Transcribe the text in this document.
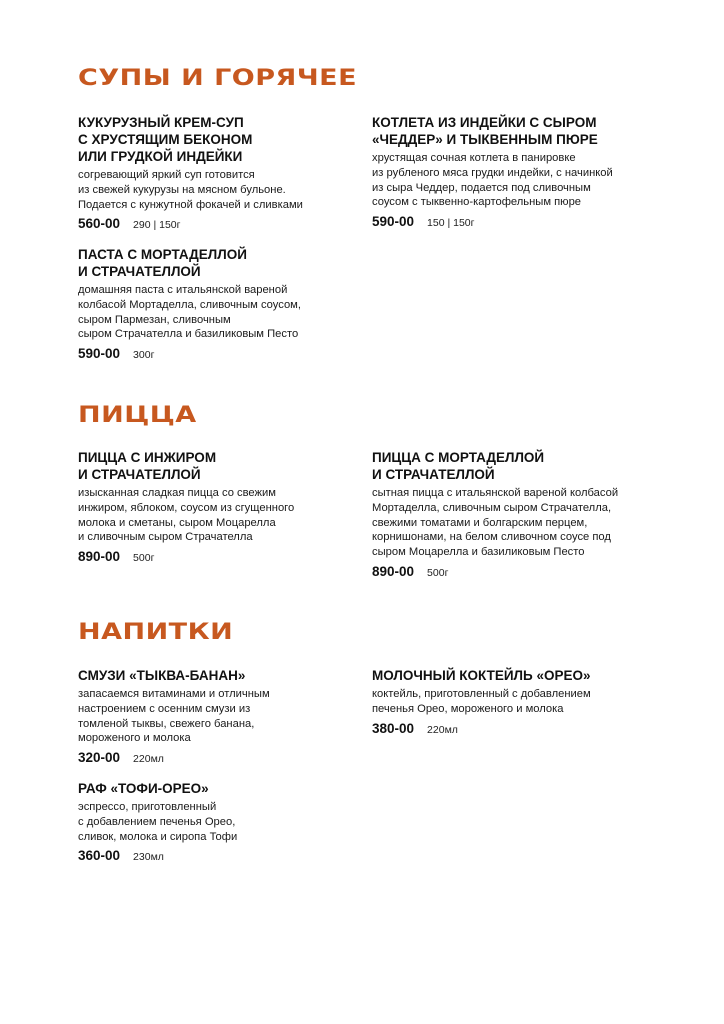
СУПЫ И ГОРЯЧЕЕ
КУКУРУЗНЫЙ КРЕМ-СУП
С ХРУСТЯЩИМ БЕКОНОМ
ИЛИ ГРУДКОЙ ИНДЕЙКИ
согревающий яркий суп готовится
из свежей кукурузы на мясном бульоне.
Подается с кунжутной фокачей и сливками
560-00 290 | 150г
КОТЛЕТА ИЗ ИНДЕЙКИ С СЫРОМ
«ЧЕДДЕР» И ТЫКВЕННЫМ ПЮРЕ
хрустящая сочная котлета в панировке
из рубленого мяса грудки индейки, с начинкой
из сыра Чеддер, подается под сливочным
соусом с тыквенно-картофельным пюре
590-00 150 | 150г
ПАСТА С МОРТАДЕЛЛОЙ
И СТРАЧАТЕЛЛОЙ
домашняя паста с итальянской вареной
колбасой Мортаделла, сливочным соусом,
сыром Пармезан, сливочным
сыром Страчателла и базиликовым Песто
590-00 300г
ПИЦЦА
ПИЦЦА С ИНЖИРОМ
И СТРАЧАТЕЛЛОЙ
изысканная сладкая пицца со свежим
инжиром, яблоком, соусом из сгущенного
молока и сметаны, сыром Моцарелла
и сливочным сыром Страчателла
890-00 500г
ПИЦЦА С МОРТАДЕЛЛОЙ
И СТРАЧАТЕЛЛОЙ
сытная пицца с итальянской вареной колбасой
Мортаделла, сливочным сыром Страчателла,
свежими томатами и болгарским перцем,
корнишонами, на белом сливочном соусе под
сыром Моцарелла и базиликовым Песто
890-00 500г
НАПИТКИ
СМУЗИ «ТЫКВА-БАНАН»
запасаемся витаминами и отличным
настроением с осенним смузи из
томленой тыквы, свежего банана,
мороженого и молока
320-00 220мл
МОЛОЧНЫЙ КОКТЕЙЛЬ «ОРЕО»
коктейль, приготовленный с добавлением
печенья Орео, мороженого и молока
380-00 220мл
РАФ «ТОФИ-ОРЕО»
эспрессо, приготовленный
с добавлением печенья Орео,
сливок, молока и сиропа Тофи
360-00 230мл
